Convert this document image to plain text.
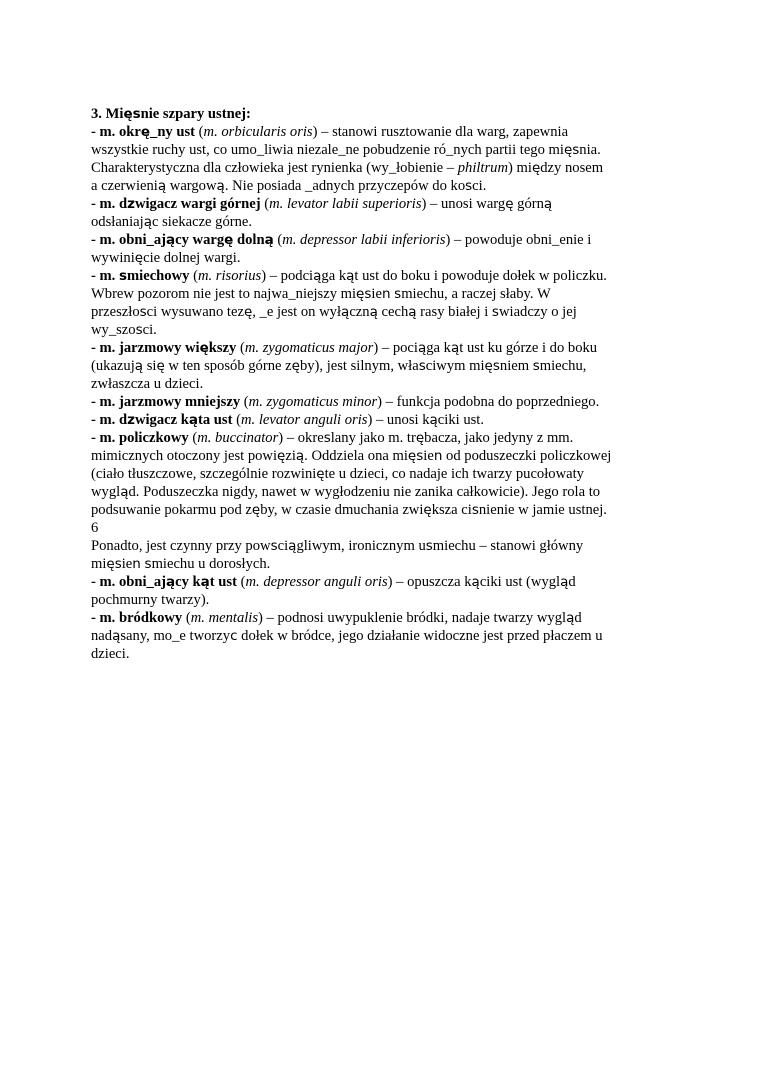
3. Mięsnie szpary ustnej:
- m. okrę_ny ust (m. orbicularis oris) – stanowi rusztowanie dla warg, zapewnia
wszystkie ruchy ust, co umo_liwia niezale_ne pobudzenie ró_nych partii tego mięsnia.
Charakterystyczna dla człowieka jest rynienka (wy_łobienie – philtrum) między nosem
a czerwienią wargową. Nie posiada _adnych przyczepów do kosci.
- m. dzwigacz wargi górnej (m. levator labii superioris) – unosi wargę górną
odsłaniając siekacze górne.
- m. obni_ający wargę dolną (m. depressor labii inferioris) – powoduje obni_enie i
wywinięcie dolnej wargi.
- m. smiechowy (m. risorius) – podciąga kąt ust do boku i powoduje dołek w policzku.
Wbrew pozorom nie jest to najwa_niejszy mięsien smiechu, a raczej słaby. W
przeszłosci wysuwano tezę, _e jest on wyłączną cechą rasy białej i swiadczy o jej
wy_szosci.
- m. jarzmowy większy (m. zygomaticus major) – pociąga kąt ust ku górze i do boku
(ukazują się w ten sposób górne zęby), jest silnym, własciwym mięsniem smiechu,
zwłaszcza u dzieci.
- m. jarzmowy mniejszy (m. zygomaticus minor) – funkcja podobna do poprzedniego.
- m. dzwigacz kąta ust (m. levator anguli oris) – unosi kąciki ust.
- m. policzkowy (m. buccinator) – okreslany jako m. trębacza, jako jedyny z mm.
mimicznych otoczony jest powięzią. Oddziela ona mięsien od poduszeczki policzkowej
(ciało tłuszczowe, szczególnie rozwinięte u dzieci, co nadaje ich twarzy pucołowaty
wygląd. Poduszeczka nigdy, nawet w wygłodzeniu nie zanika całkowicie). Jego rola to
podsuwanie pokarmu pod zęby, w czasie dmuchania zwiększa cisnienie w jamie ustnej.
6
Ponadto, jest czynny przy powsciągliwym, ironicznym usmiechu – stanowi główny
mięsien smiechu u dorosłych.
- m. obni_ający kąt ust (m. depressor anguli oris) – opuszcza kąciki ust (wygląd
pochmurny twarzy).
- m. bródkowy (m. mentalis) – podnosi uwypuklenie bródki, nadaje twarzy wygląd
nadąsany, mo_e tworzyc dołek w bródce, jego działanie widoczne jest przed płaczem u
dzieci.
